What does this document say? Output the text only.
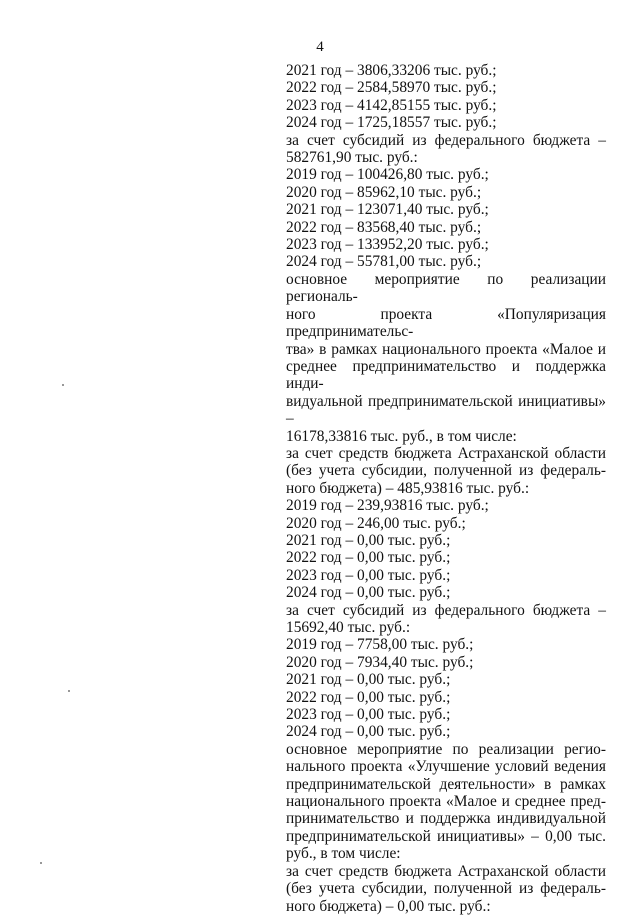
4
2021 год – 3806,33206 тыс. руб.;
2022 год – 2584,58970 тыс. руб.;
2023 год – 4142,85155 тыс. руб.;
2024 год – 1725,18557 тыс. руб.;
за счет субсидий из федерального бюджета –
582761,90 тыс. руб.:
2019 год – 100426,80 тыс. руб.;
2020 год – 85962,10 тыс. руб.;
2021 год – 123071,40 тыс. руб.;
2022 год – 83568,40 тыс. руб.;
2023 год – 133952,20 тыс. руб.;
2024 год – 55781,00 тыс. руб.;
основное мероприятие по реализации региональ-
ного проекта «Популяризация предпринимательс-
тва» в рамках национального проекта «Малое и
среднее предпринимательство и поддержка инди-
видуальной предпринимательской инициативы» –
16178,33816 тыс. руб., в том числе:
за счет средств бюджета Астраханской области
(без учета субсидии, полученной из федераль-
ного бюджета) – 485,93816 тыс. руб.:
2019 год – 239,93816 тыс. руб.;
2020 год – 246,00 тыс. руб.;
2021 год – 0,00 тыс. руб.;
2022 год – 0,00 тыс. руб.;
2023 год – 0,00 тыс. руб.;
2024 год – 0,00 тыс. руб.;
за счет субсидий из федерального бюджета –
15692,40 тыс. руб.:
2019 год – 7758,00 тыс. руб.;
2020 год – 7934,40 тыс. руб.;
2021 год – 0,00 тыс. руб.;
2022 год – 0,00 тыс. руб.;
2023 год – 0,00 тыс. руб.;
2024 год – 0,00 тыс. руб.;
основное мероприятие по реализации регио-
нального проекта «Улучшение условий ведения
предпринимательской деятельности» в рамках
национального проекта «Малое и среднее пред-
принимательство и поддержка индивидуальной
предпринимательской инициативы» – 0,00 тыс.
руб., в том числе:
за счет средств бюджета Астраханской области
(без учета субсидии, полученной из федераль-
ного бюджета) – 0,00 тыс. руб.:
